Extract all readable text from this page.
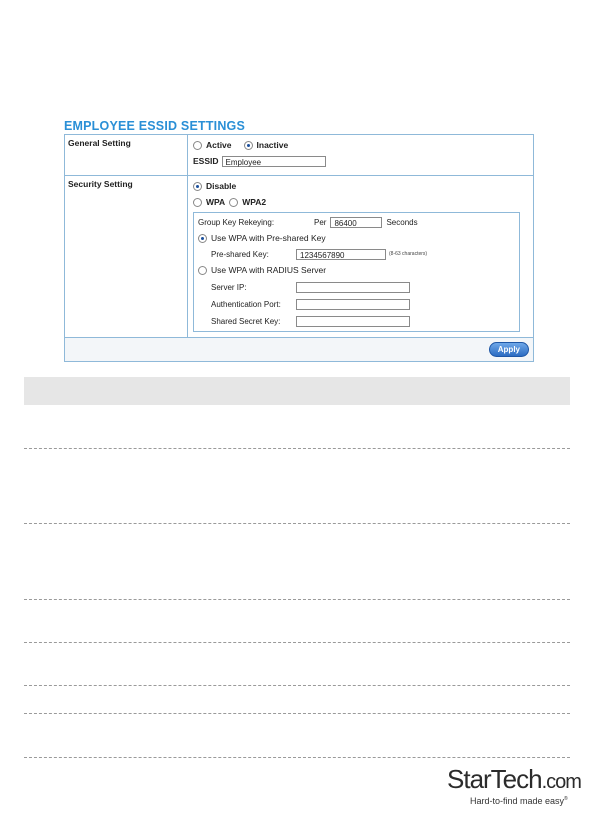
EMPLOYEE ESSID SETTINGS
General Setting	Active	Inactive
ESSID Employee
Security Setting	Disable
WPA WPA2
Group Key Rekeying:	Per	86400	Seconds
Use WPA with Pre-shared Key
Pre-shared Key:	1234567890	(8-63 characters)
Use WPA with RADIUS Server
Server IP:
Authentication Port:
Shared Secret Key:
Apply
StarTech.com
Hard-to-find made easy®
